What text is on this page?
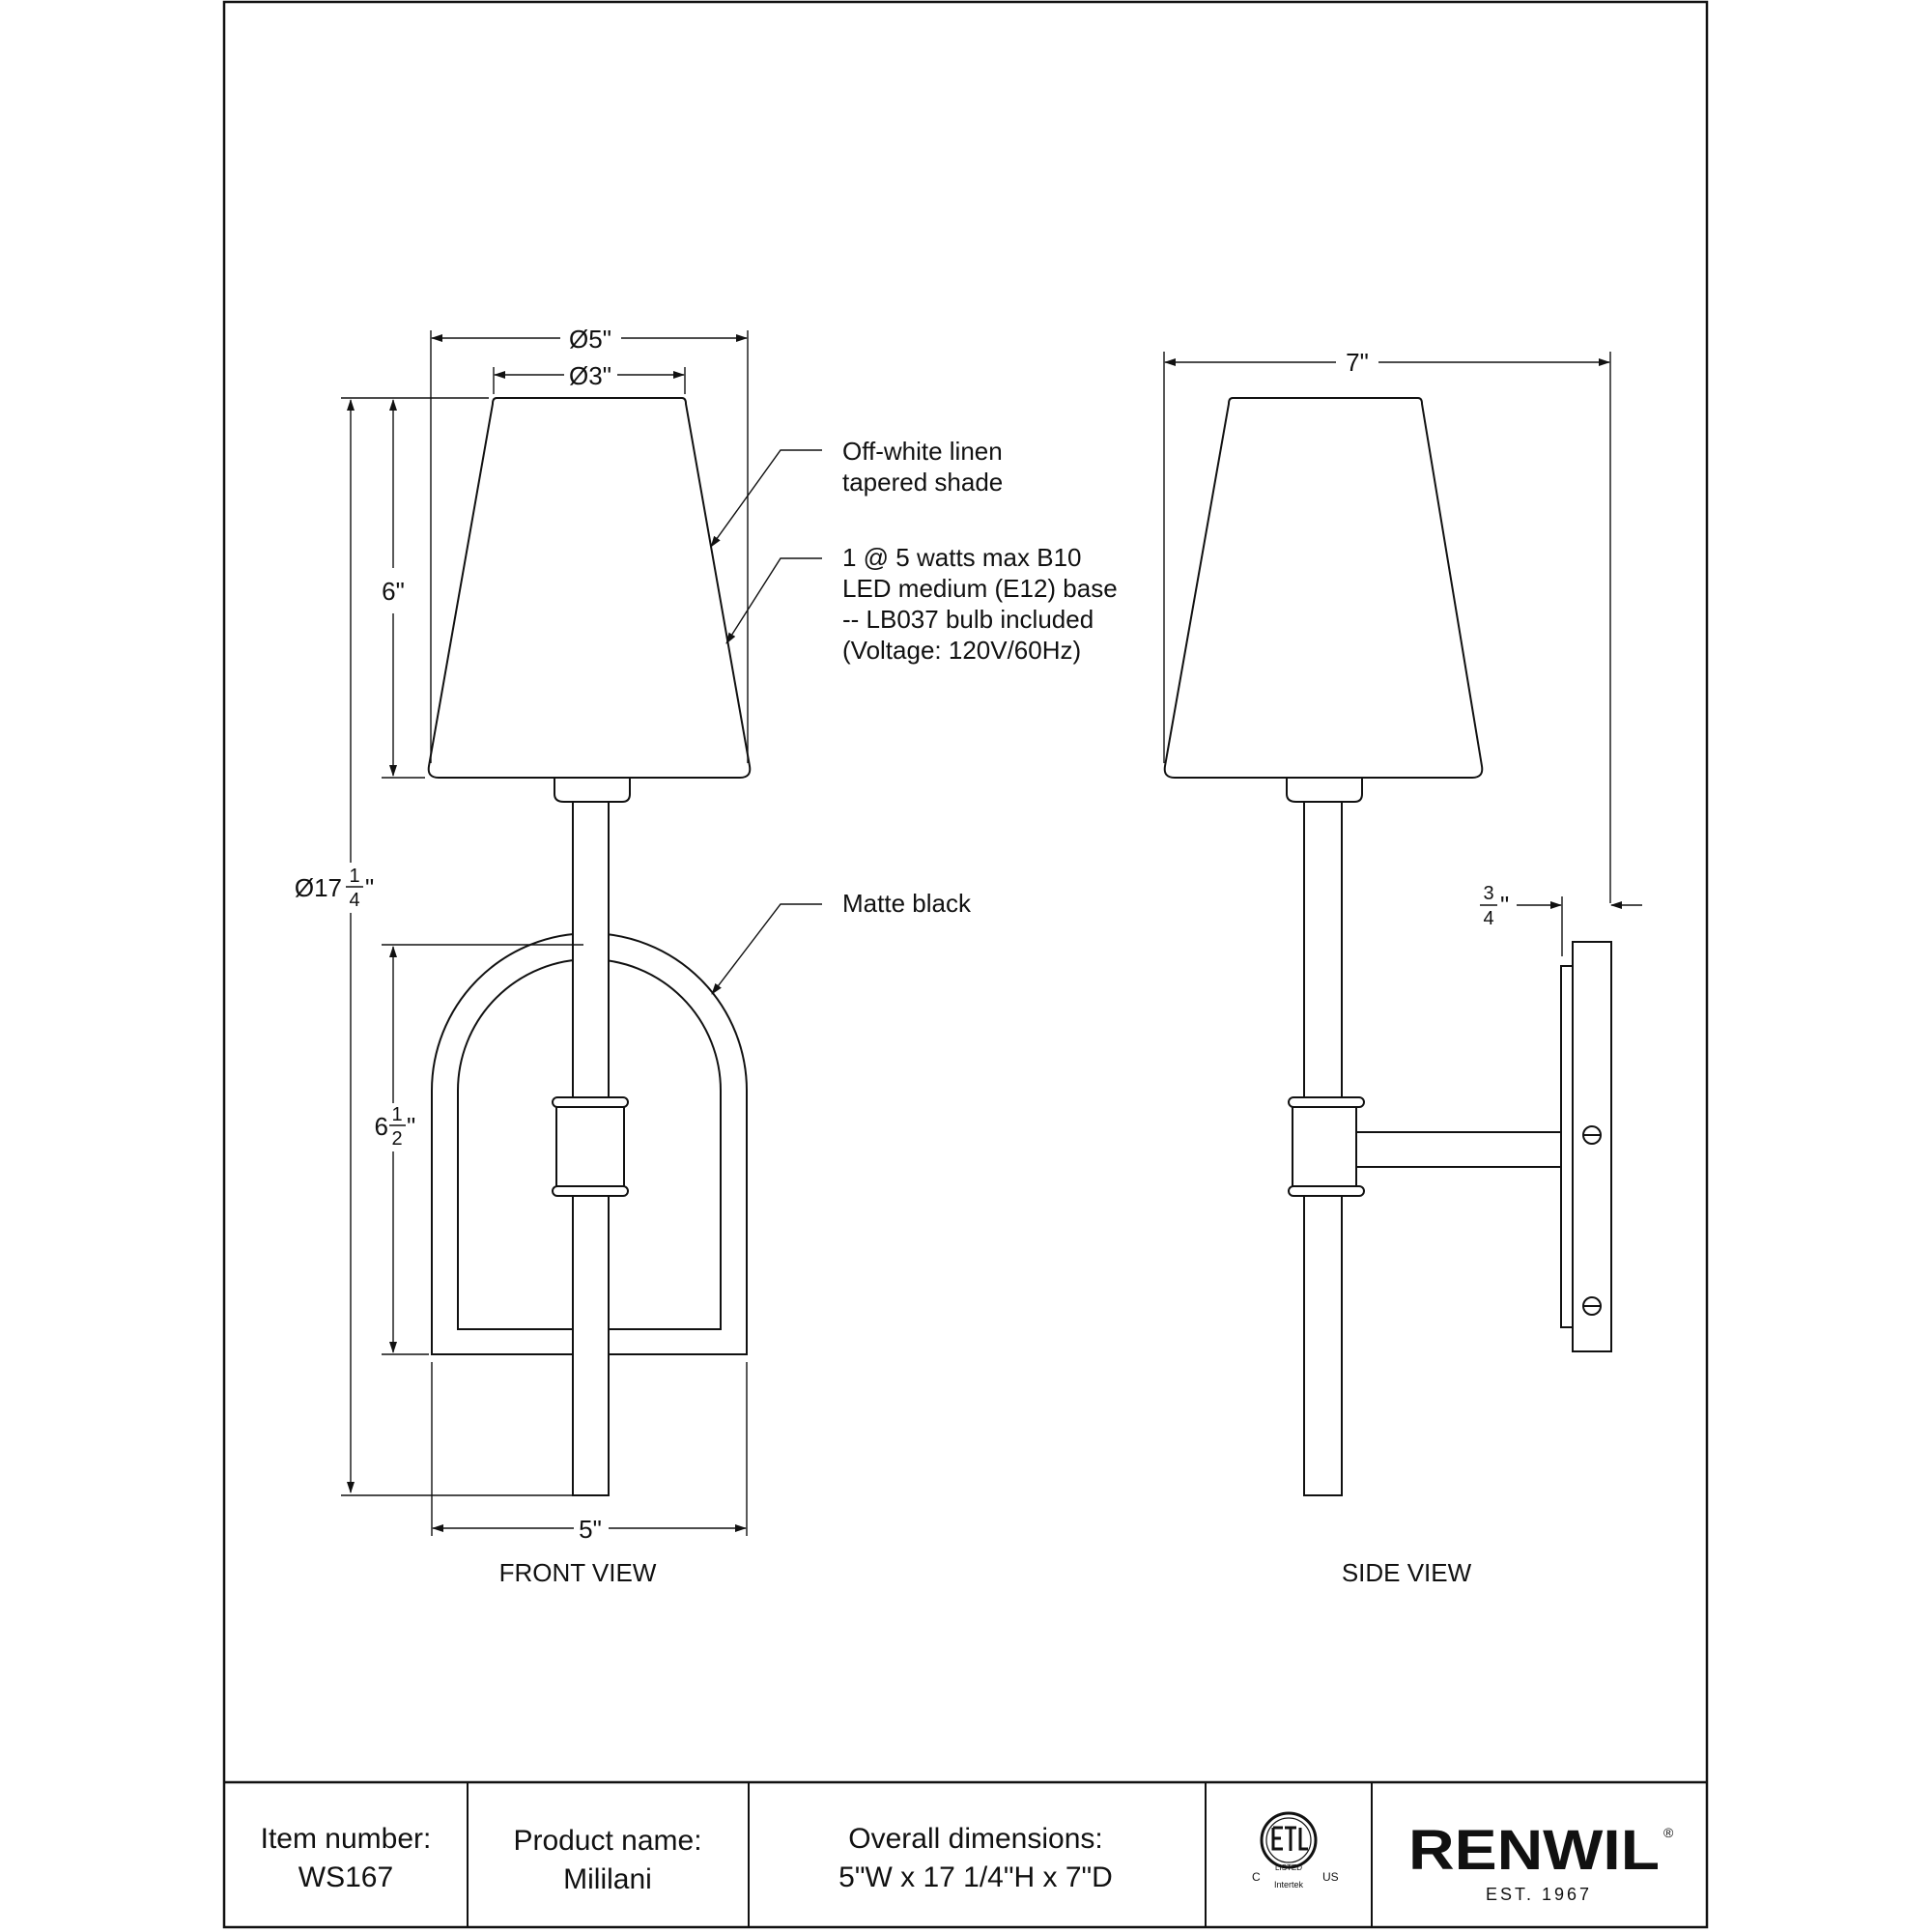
Ø5"
Ø3"
6"
Ø17 1
4 "
6 1
2 "
5"
Off-white linen tapered shade
1 @ 5 watts max B10 LED medium (E12) base -- LB037 bulb included (Voltage: 120V/60Hz)
Matte black
FRONT VIEW
7"
3
4 "
SIDE VIEW
Item number:
WS167
Product name:
Mililani
Overall dimensions:
5"W x 17 1/4"H x 7"D	C	US
LISTED
Intertek
RENWIL ®
EST. 1967
